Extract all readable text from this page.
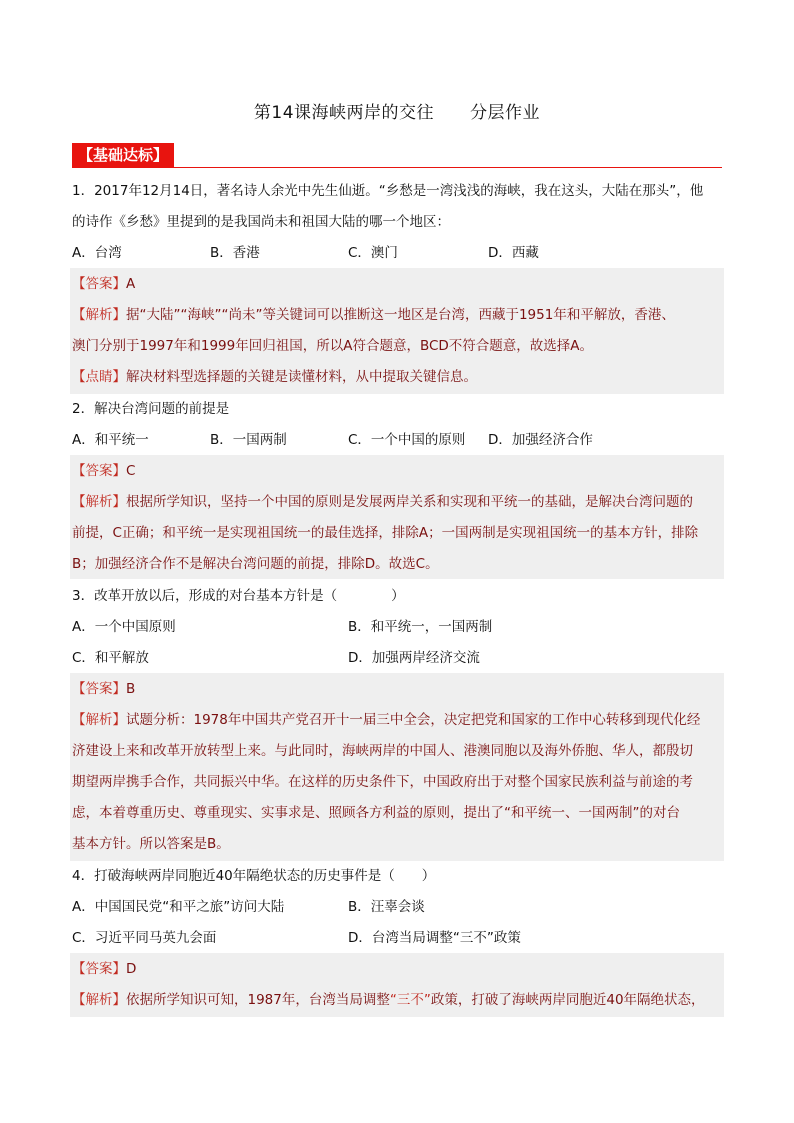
第14课海峡两岸的交往 分层作业
【基础达标】
1．2017年12月14日，著名诗人余光中先生仙逝。“乡愁是一湾浅浅的海峡，我在这头，大陆在那头”，他
的诗作《乡愁》里提到的是我国尚未和祖国大陆的哪一个地区：
A．台湾	B．香港	C．澳门	D．西藏
【答案】A
【解析】据“大陆”“海峡”“尚未”等关键词可以推断这一地区是台湾，西藏于1951年和平解放，香港、
澳门分别于1997年和1999年回归祖国，所以A符合题意，BCD不符合题意，故选择A。
【点睛】解决材料型选择题的关键是读懂材料，从中提取关键信息。
2．解决台湾问题的前提是
A．和平统一	B．一国两制	C．一个中国的原则 D．加强经济合作
【答案】C
【解析】根据所学知识，坚持一个中国的原则是发展两岸关系和实现和平统一的基础，是解决台湾问题的
前提，C正确；和平统一是实现祖国统一的最佳选择，排除A；一国两制是实现祖国统一的基本方针，排除
B；加强经济合作不是解决台湾问题的前提，排除D。故选C。
3．改革开放以后，形成的对台基本方针是（　　　　）
A．一个中国原则	B．和平统一，一国两制
C．和平解放	D．加强两岸经济交流
【答案】B
【解析】试题分析：1978年中国共产党召开十一届三中全会，决定把党和国家的工作中心转移到现代化经
济建设上来和改革开放转型上来。与此同时，海峡两岸的中国人、港澳同胞以及海外侨胞、华人，都殷切
期望两岸携手合作，共同振兴中华。在这样的历史条件下，中国政府出于对整个国家民族利益与前途的考
虑，本着尊重历史、尊重现实、实事求是、照顾各方利益的原则，提出了“和平统一、一国两制”的对台
基本方针。所以答案是B。
4．打破海峡两岸同胞近40年隔绝状态的历史事件是（　　）
A．中国国民党“和平之旅”访问大陆	B．汪辜会谈
C．习近平同马英九会面	D．台湾当局调整“三不”政策
【答案】D
【解析】依据所学知识可知，1987年，台湾当局调整“三不”政策，打破了海峡两岸同胞近40年隔绝状态，
